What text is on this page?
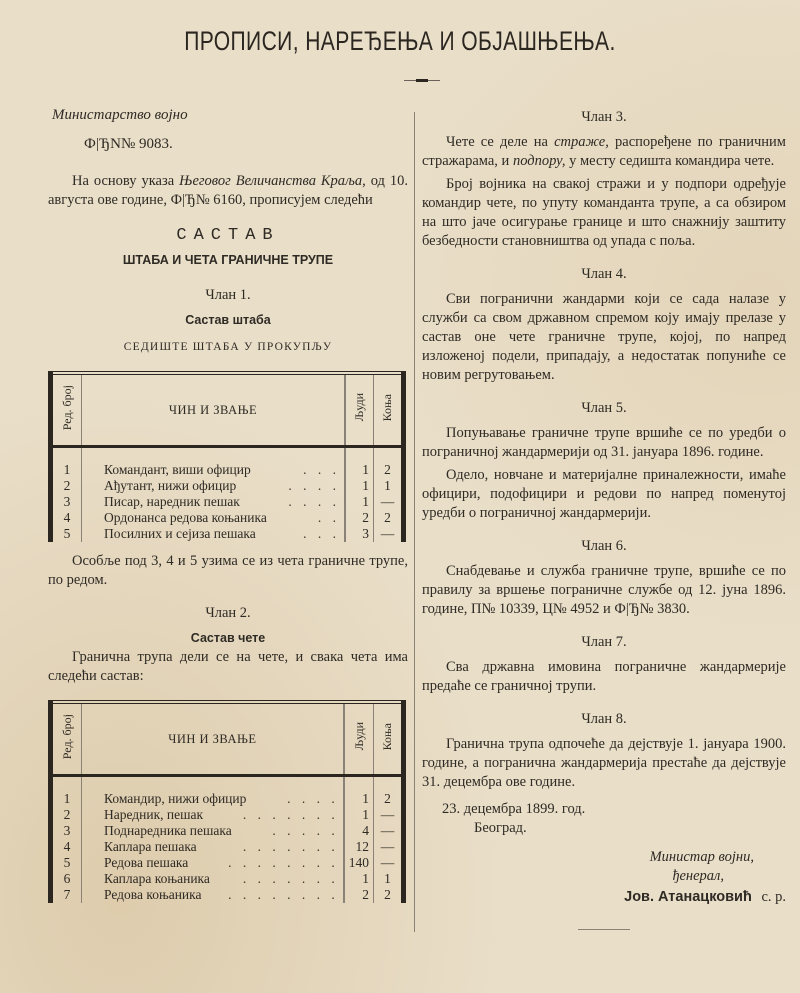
ПРОПИСИ, НАРЕЂЕЊА И ОБЈАШЊЕЊА.
Министарство војно
Ф|ЂN№ 9083.

На основу указа Његовог Величанства Краља, од 10. августа ове године, Ф|Ђ№ 6160, прописујем следећи

САСТАВ
ШТАБА И ЧЕТА ГРАНИЧНЕ ТРУПЕ
Члан 1.
Састав штаба
СЕДИШТЕ ШТАБА У ПРОКУПЉУ
Ред. број	ЧИН И ЗВАЊЕ	Људи	Коња
1	Командант, виши официр . . .	1	2
2	Ађутант, нижи официр . . . .	1	1
3	Писар, наредник пешак . . . .	1	—
4	Ордонанса редова коњаника . .	2	2
5	Посилних и сејиза пешака . . .	3	—

Особље под 3, 4 и 5 узима се из чета граничне трупе, по редом.

Члан 2.
Састав чете

Гранична трупа дели се на чете, и свака чета има следећи састав:

Ред. број	ЧИН И ЗВАЊЕ	Људи	Коња
1	Командир, нижи официр . . . .	1	2
2	Наредник, пешак . . . . . . .	1	—
3	Поднаредника пешака . . . . .	4	—
4	Каплара пешака . . . . . . .	12	—
5	Редова пешака . . . . . . . .	140	—
6	Каплара коњаника . . . . . . .	1	1
7	Редова коњаника . . . . . . . .	2	2
Члан 3.

Чете се деле на страже, распоређене по граничним стражарама, и подпору, у месту седишта командира чете.

Број војника на свакој стражи и у подпори одређује командир чете, по упуту команданта трупе, а са обзиром на што јаче осигурање границе и што снажнију заштиту безбедности становништва од упада с поља.

Члан 4.

Сви погранични жандарми који се сада налазе у служби са свом државном спремом коју имају прелазе у састав оне чете граничне трупе, којој, по напред изложеној подели, припадају, а недостатак попуниће се новим регрутовањем.

Члан 5.

Попуњавање граничне трупе вршиће се по уредби о пограничној жандармерији од 31. јануара 1896. године.

Одело, новчане и материјалне приналежности, имаће официри, подофицири и редови по напред поменутој уредби о пограничној жандармерији.

Члан 6.

Снабдевање и служба граничне трупе, вршиће се по правилу за вршење пограничне службе од 12. јуна 1896. године, П№ 10339, Ц№ 4952 и Ф|Ђ№ 3830.

Члан 7.

Сва државна имовина пограничне жандармерије предаће се граничној трупи.

Члан 8.

Гранична трупа одпочеће да дејствује 1. јануара 1900. године, а погранична жандармерија престаће да дејствује 31. децембра ове године.

23. децембра 1899. год.
Београд.
Министар војни,
ђенерал,
Јов. Атанацковић с. р.
